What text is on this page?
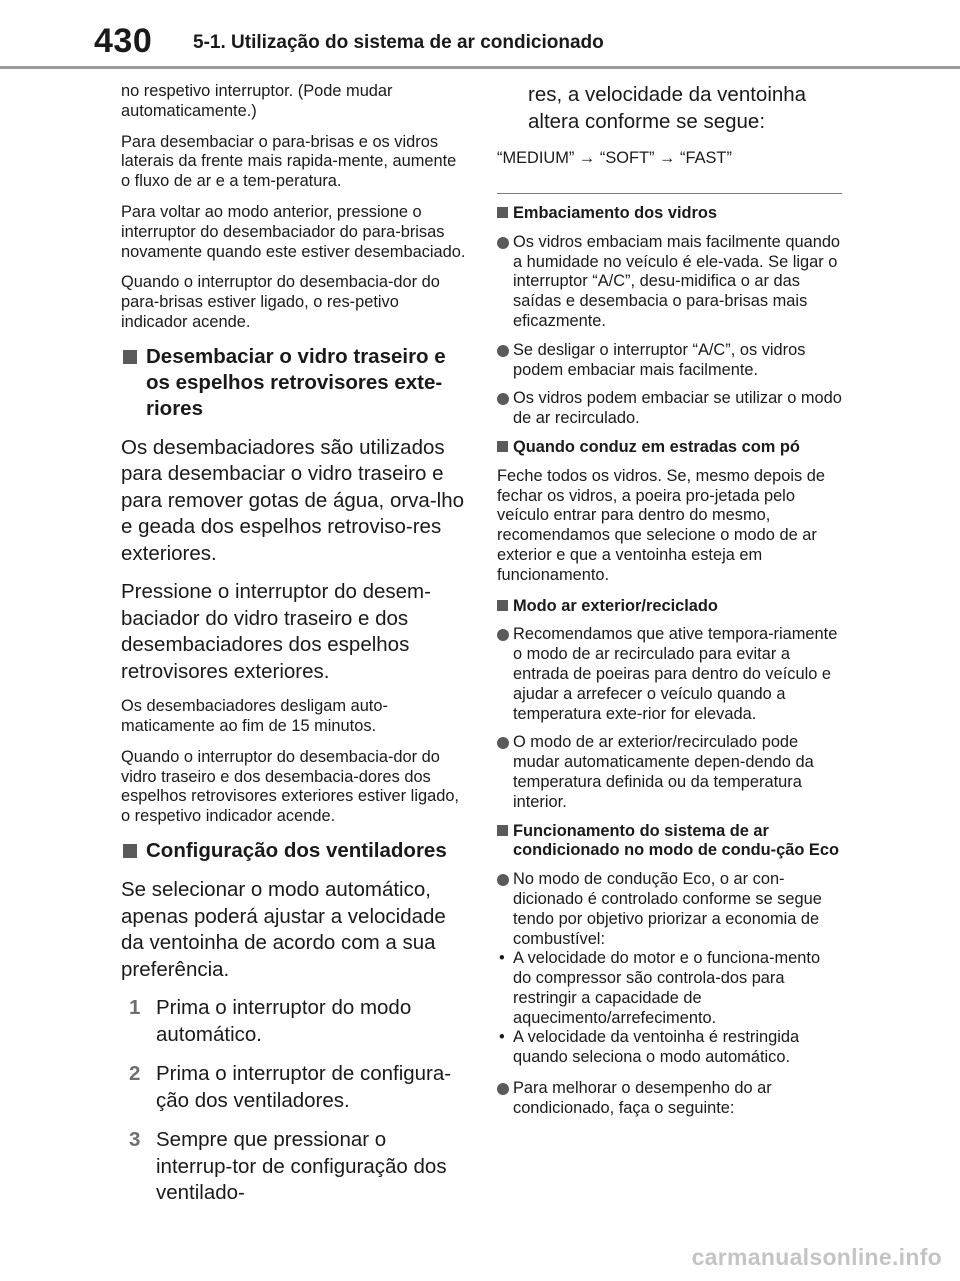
430 5-1. Utilização do sistema de ar condicionado

no respetivo interruptor. (Pode mudar automaticamente.)

Para desembaciar o para-brisas e os vidros laterais da frente mais rapida-mente, aumente o fluxo de ar e a tem-peratura.

Para voltar ao modo anterior, pressione o interruptor do desembaciador do para-brisas novamente quando este estiver desembaciado.

Quando o interruptor do desembacia-dor do para-brisas estiver ligado, o res-petivo indicador acende.

Desembaciar o vidro traseiro e os espelhos retrovisores exte-riores

Os desembaciadores são utilizados para desembaciar o vidro traseiro e para remover gotas de água, orva-lho e geada dos espelhos retroviso-res exteriores.

Pressione o interruptor do desem-baciador do vidro traseiro e dos desembaciadores dos espelhos retrovisores exteriores.

Os desembaciadores desligam auto-maticamente ao fim de 15 minutos.

Quando o interruptor do desembacia-dor do vidro traseiro e dos desembacia-dores dos espelhos retrovisores exteriores estiver ligado, o respetivo indicador acende.

Configuração dos ventiladores

Se selecionar o modo automático, apenas poderá ajustar a velocidade da ventoinha de acordo com a sua preferência.

1 Prima o interruptor do modo automático.
2 Prima o interruptor de configura-ção dos ventiladores.
3 Sempre que pressionar o interrup-tor de configuração dos ventilado-

res, a velocidade da ventoinha altera conforme se segue:

“MEDIUM” → “SOFT” → “FAST”

Embaciamento dos vidros
Os vidros embaciam mais facilmente quando a humidade no veículo é ele-vada. Se ligar o interruptor “A/C”, desu-midifica o ar das saídas e desembacia o para-brisas mais eficazmente.
Se desligar o interruptor “A/C”, os vidros podem embaciar mais facilmente.
Os vidros podem embaciar se utilizar o modo de ar recirculado.
Quando conduz em estradas com pó

Feche todos os vidros. Se, mesmo depois de fechar os vidros, a poeira pro-jetada pelo veículo entrar para dentro do mesmo, recomendamos que selecione o modo de ar exterior e que a ventoinha esteja em funcionamento.

Modo ar exterior/reciclado
Recomendamos que ative tempora-riamente o modo de ar recirculado para evitar a entrada de poeiras para dentro do veículo e ajudar a arrefecer o veículo quando a temperatura exte-rior for elevada.
O modo de ar exterior/recirculado pode mudar automaticamente depen-dendo da temperatura definida ou da temperatura interior.
Funcionamento do sistema de ar condicionado no modo de condu-ção Eco
No modo de condução Eco, o ar con-dicionado é controlado conforme se segue tendo por objetivo priorizar a economia de combustível:
• A velocidade do motor e o funciona-mento do compressor são controla-dos para restringir a capacidade de aquecimento/arrefecimento.
• A velocidade da ventoinha é restringida quando seleciona o modo automático.
Para melhorar o desempenho do ar condicionado, faça o seguinte:
carmanualsonline.info
